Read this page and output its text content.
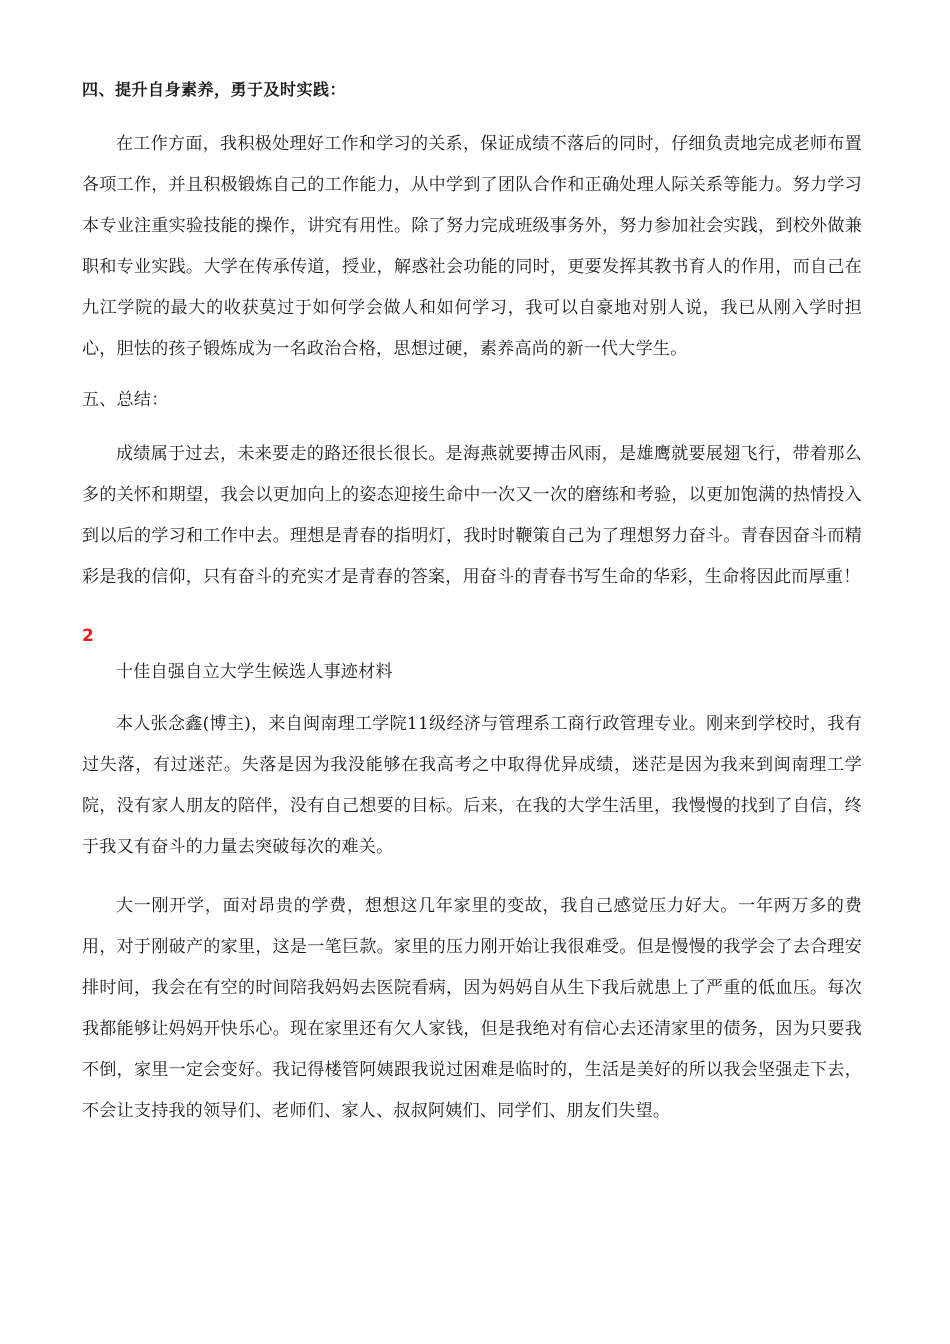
四、提升自身素养，勇于及时实践：

在工作方面，我积极处理好工作和学习的关系，保证成绩不落后的同时，仔细负责地完成老师布置各项工作，并且积极锻炼自己的工作能力，从中学到了团队合作和正确处理人际关系等能力。努力学习本专业注重实验技能的操作，讲究有用性。除了努力完成班级事务外，努力参加社会实践，到校外做兼职和专业实践。大学在传承传道，授业，解惑社会功能的同时，更要发挥其教书育人的作用，而自己在九江学院的最大的收获莫过于如何学会做人和如何学习，我可以自豪地对别人说，我已从刚入学时担心，胆怯的孩子锻炼成为一名政治合格，思想过硬，素养高尚的新一代大学生。

五、总结：

成绩属于过去，未来要走的路还很长很长。是海燕就要搏击风雨，是雄鹰就要展翅飞行，带着那么多的关怀和期望，我会以更加向上的姿态迎接生命中一次又一次的磨练和考验，以更加饱满的热情投入到以后的学习和工作中去。理想是青春的指明灯，我时时鞭策自己为了理想努力奋斗。青春因奋斗而精彩是我的信仰，只有奋斗的充实才是青春的答案，用奋斗的青春书写生命的华彩，生命将因此而厚重！

2

十佳自强自立大学生候选人事迹材料

本人张念鑫(博主)，来自闽南理工学院11级经济与管理系工商行政管理专业。刚来到学校时，我有过失落，有过迷茫。失落是因为我没能够在我高考之中取得优异成绩，迷茫是因为我来到闽南理工学院，没有家人朋友的陪伴，没有自己想要的目标。后来，在我的大学生活里，我慢慢的找到了自信，终于我又有奋斗的力量去突破每次的难关。

大一刚开学，面对昂贵的学费，想想这几年家里的变故，我自己感觉压力好大。一年两万多的费用，对于刚破产的家里，这是一笔巨款。家里的压力刚开始让我很难受。但是慢慢的我学会了去合理安排时间，我会在有空的时间陪我妈妈去医院看病，因为妈妈自从生下我后就患上了严重的低血压。每次我都能够让妈妈开快乐心。现在家里还有欠人家钱，但是我绝对有信心去还清家里的债务，因为只要我不倒，家里一定会变好。我记得楼管阿姨跟我说过困难是临时的，生活是美好的所以我会坚强走下去，不会让支持我的领导们、老师们、家人、叔叔阿姨们、同学们、朋友们失望。
